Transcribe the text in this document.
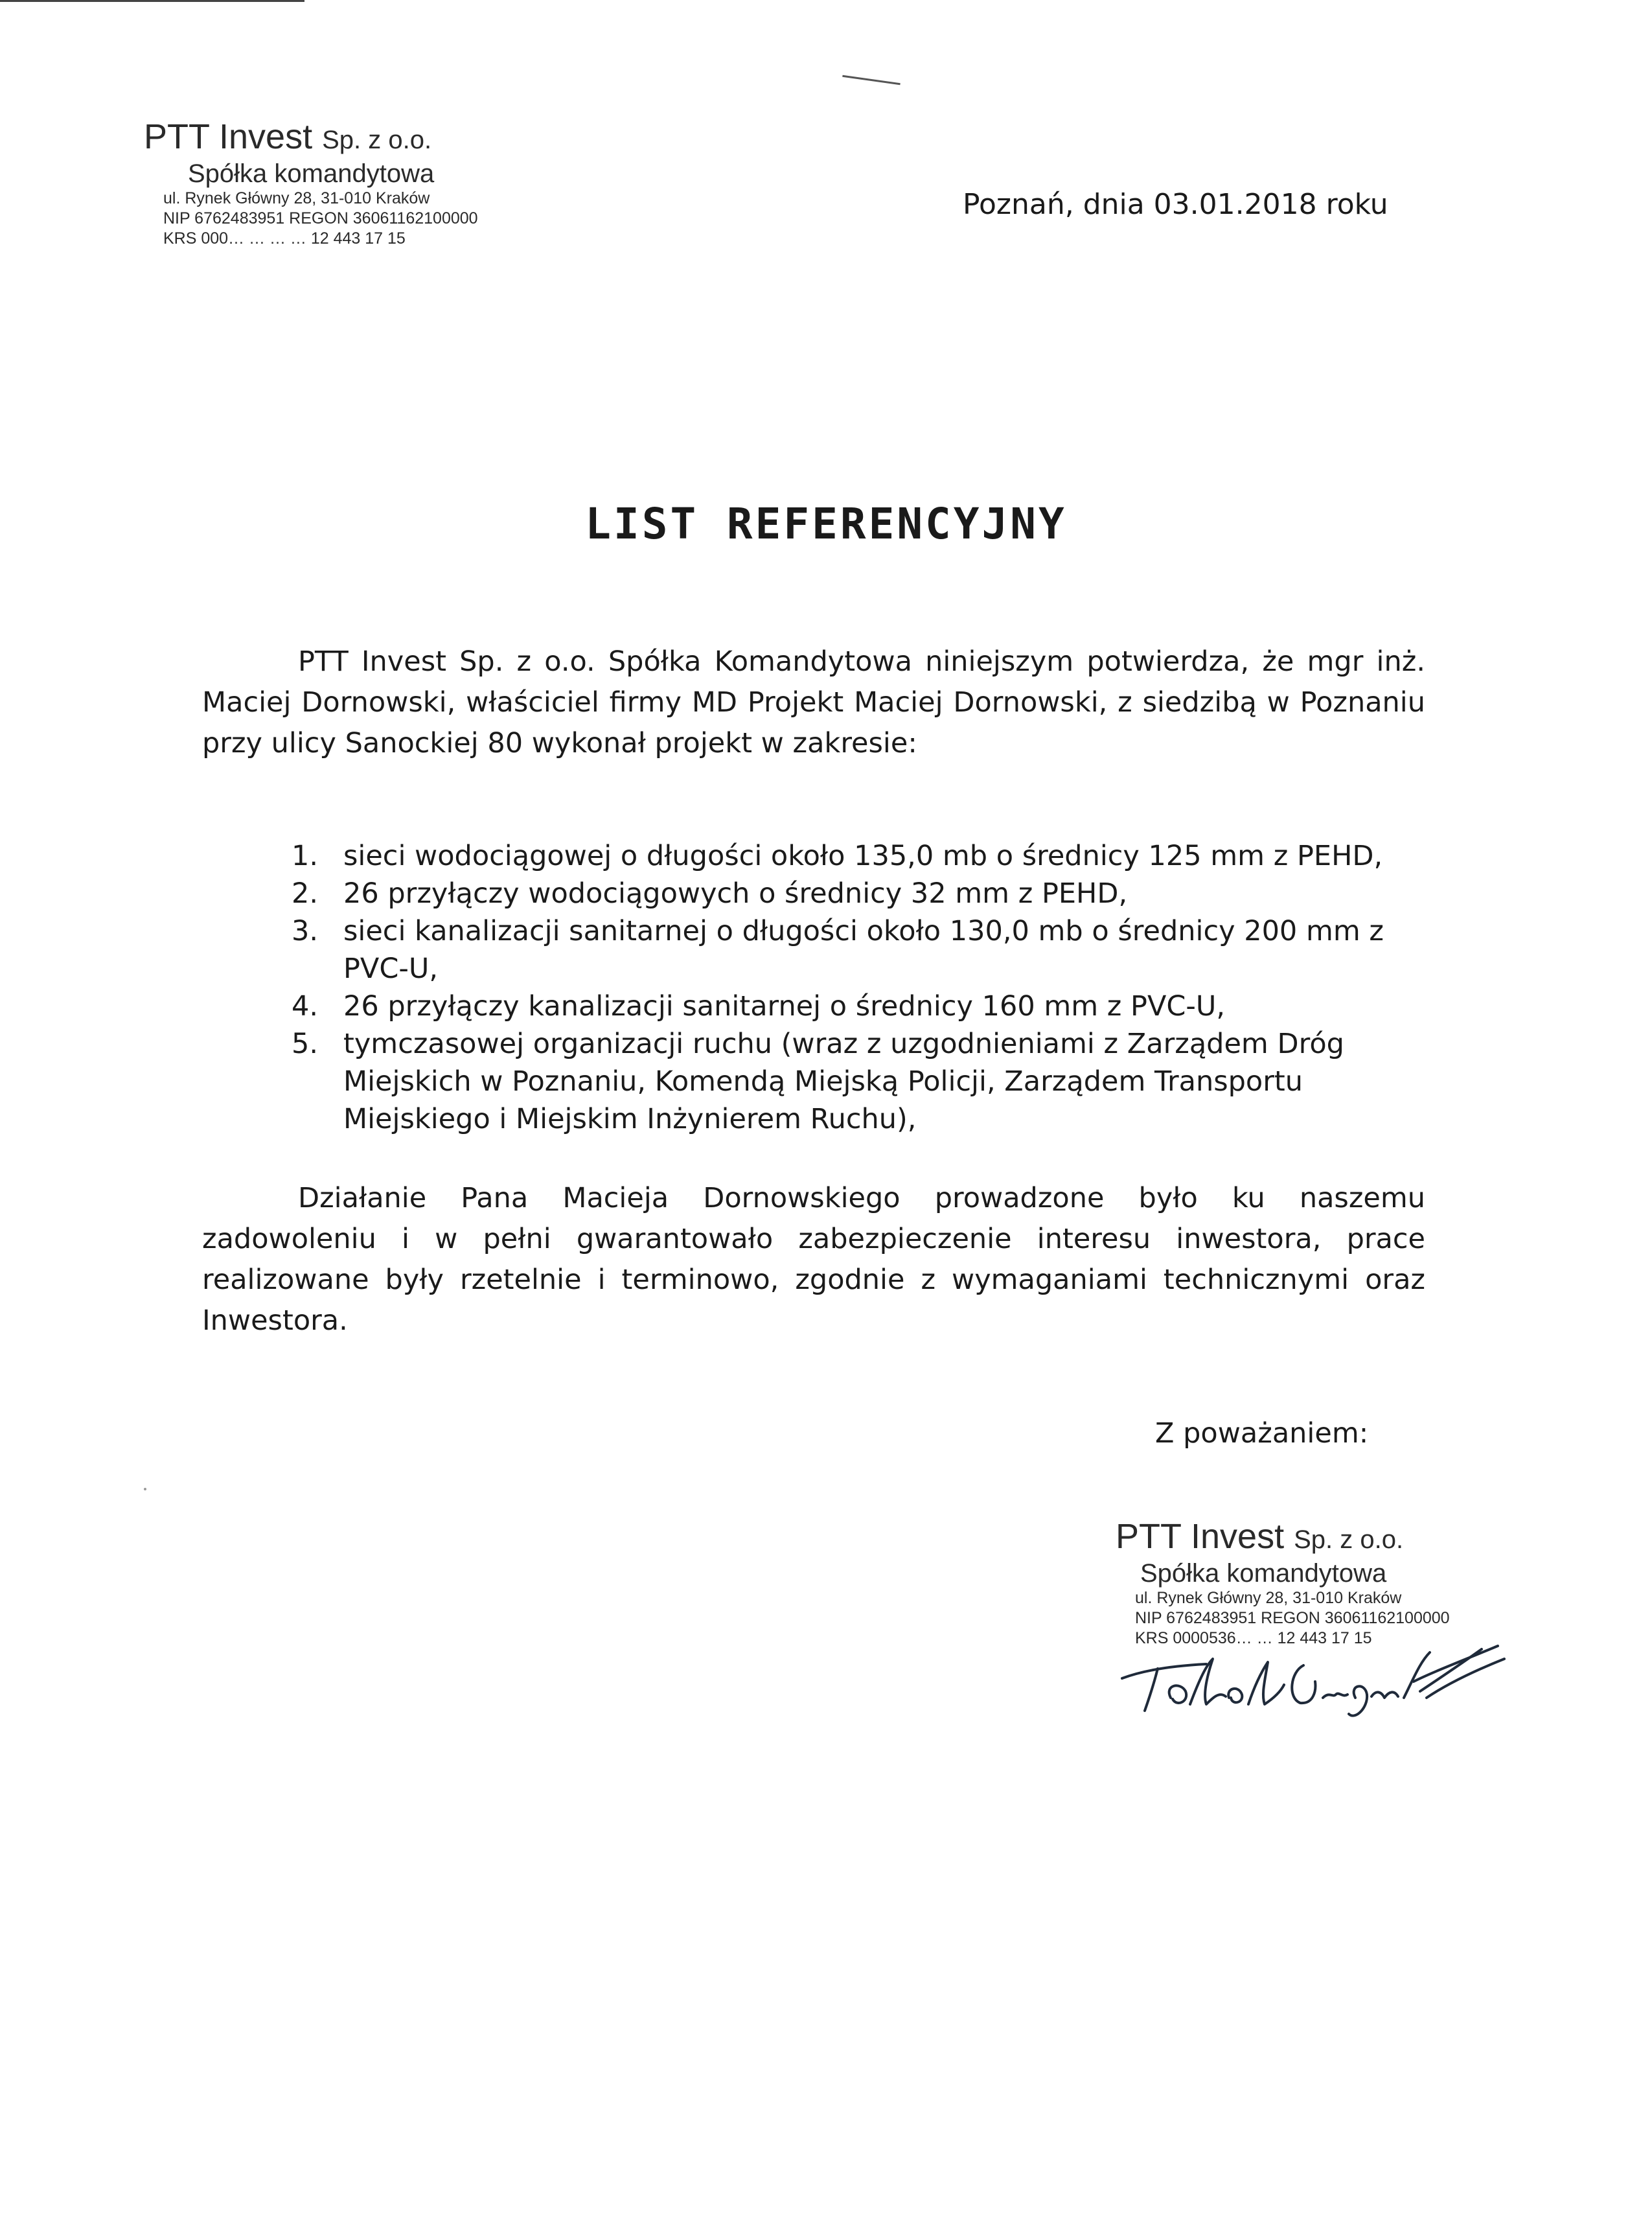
PTT Invest Sp. z o.o.
Spółka komandytowa
ul. Rynek Główny 28, 31-010 Kraków
NIP 6762483951 REGON 36061162100000
KRS 000… … … … 12 443 17 15
Poznań, dnia 03.01.2018 roku
LIST REFERENCYJNY
PTT Invest Sp. z o.o. Spółka Komandytowa niniejszym potwierdza, że mgr inż. Maciej Dornowski, właściciel firmy MD Projekt Maciej Dornowski, z siedzibą w Poznaniu przy ulicy Sanockiej 80 wykonał projekt w zakresie:
1. sieci wodociągowej o długości około 135,0 mb o średnicy 125 mm z PEHD,
2. 26 przyłączy wodociągowych o średnicy 32 mm z PEHD,
3. sieci kanalizacji sanitarnej o długości około 130,0 mb o średnicy 200 mm z PVC-U,
4. 26 przyłączy kanalizacji sanitarnej o średnicy 160 mm z PVC-U,
5. tymczasowej organizacji ruchu (wraz z uzgodnieniami z Zarządem Dróg Miejskich w Poznaniu, Komendą Miejską Policji, Zarządem Transportu Miejskiego i Miejskim Inżynierem Ruchu),
Działanie Pana Macieja Dornowskiego prowadzone było ku naszemu zadowoleniu i w pełni gwarantowało zabezpieczenie interesu inwestora, prace realizowane były rzetelnie i terminowo, zgodnie z wymaganiami technicznymi oraz Inwestora.
Z poważaniem:
PTT Invest Sp. z o.o.
Spółka komandytowa
ul. Rynek Główny 28, 31-010 Kraków
NIP 6762483951 REGON 36061162100000
KRS 0000536… … 12 443 17 15
